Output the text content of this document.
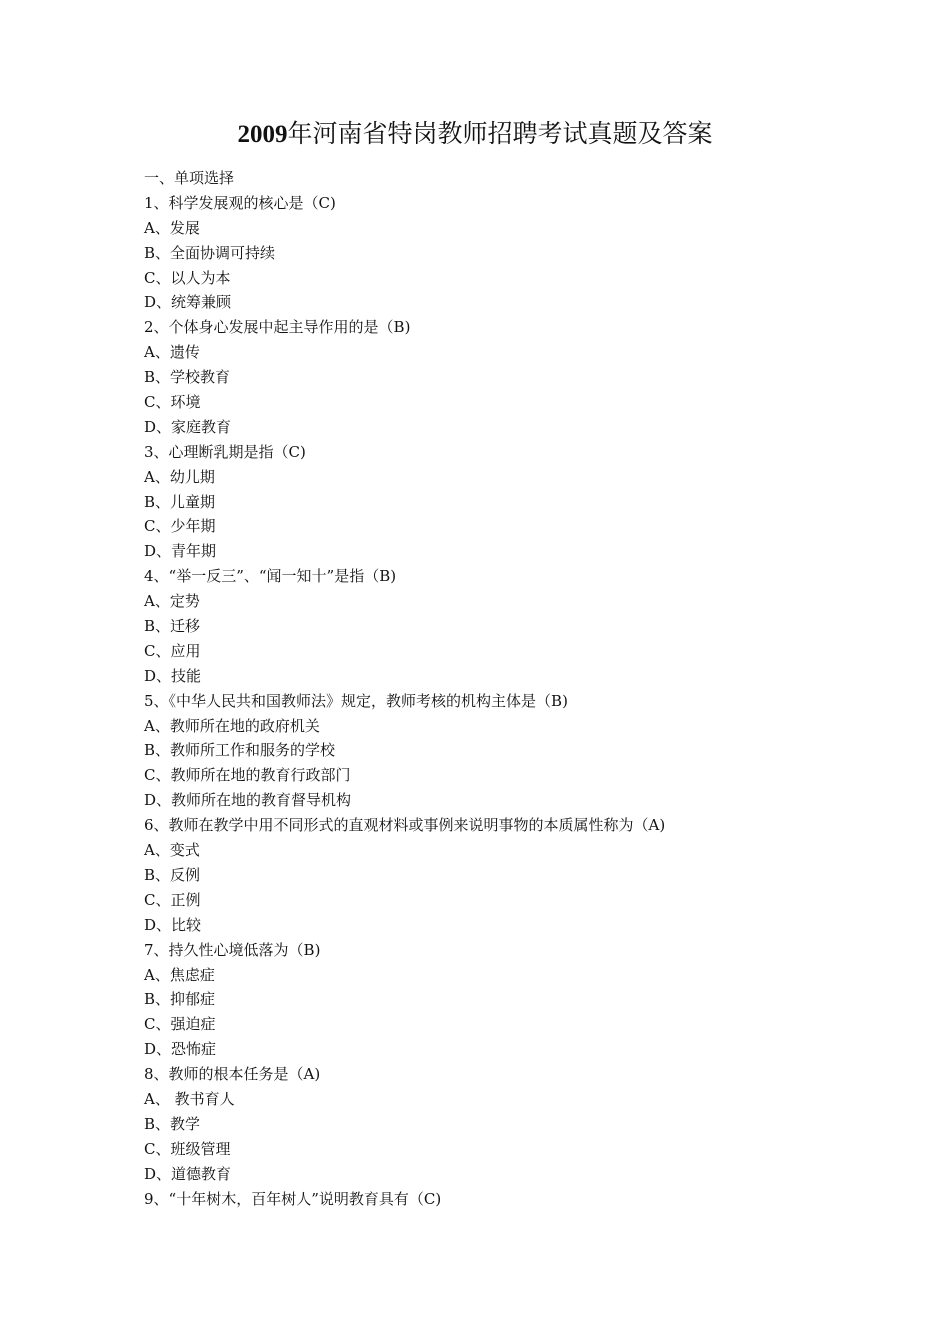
2009年河南省特岗教师招聘考试真题及答案
一、单项选择
1、科学发展观的核心是（C)
A、发展
B、全面协调可持续
C、以人为本
D、统筹兼顾
2、个体身心发展中起主导作用的是（B)
A、遗传
B、学校教育
C、环境
D、家庭教育
3、心理断乳期是指（C)
A、幼儿期
B、儿童期
C、少年期
D、青年期
4、“举一反三”、“闻一知十”是指（B)
A、定势
B、迁移
C、应用
D、技能
5、《中华人民共和国教师法》规定，教师考核的机构主体是（B)
A、教师所在地的政府机关
B、教师所工作和服务的学校
C、教师所在地的教育行政部门
D、教师所在地的教育督导机构
6、教师在教学中用不同形式的直观材料或事例来说明事物的本质属性称为（A)
A、变式
B、反例
C、正例
D、比较
7、持久性心境低落为（B)
A、焦虑症
B、抑郁症
C、强迫症
D、恐怖症
8、教师的根本任务是（A)
A、 教书育人
B、教学
C、班级管理
D、道德教育
9、“十年树木，百年树人”说明教育具有（C)
